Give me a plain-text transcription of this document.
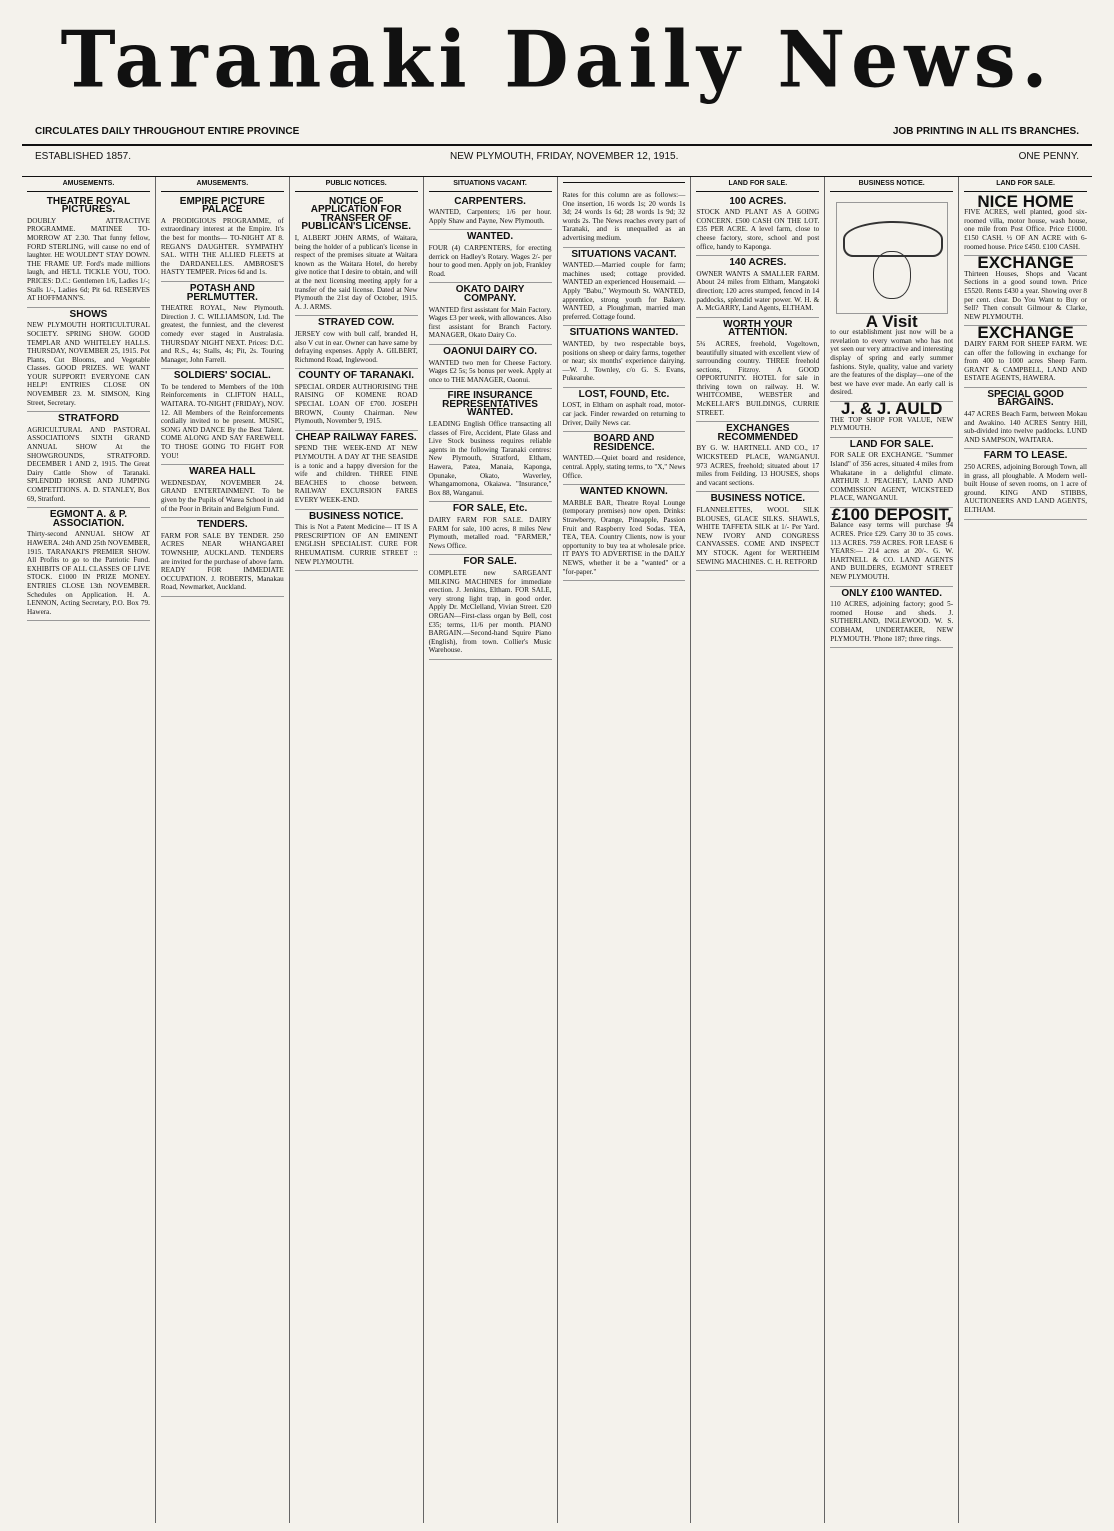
Taranaki Daily News.
CIRCULATES DAILY THROUGHOUT ENTIRE PROVINCE	JOB PRINTING IN ALL ITS BRANCHES.
ESTABLISHED 1857.	NEW PLYMOUTH, FRIDAY, NOVEMBER 12, 1915.	ONE PENNY.
AMUSEMENTS.
THEATRE ROYAL PICTURES.

DOUBLY ATTRACTIVE PROGRAMME. MATINEE TO-MORROW AT 2.30. That funny fellow, FORD STERLING, will cause no end of laughter. HE WOULDN'T STAY DOWN. THE FRAME UP. Ford's made millions laugh, and HE'LL TICKLE YOU, TOO. PRICES: D.C.: Gentlemen 1/6, Ladies 1/-; Stalls 1/-, Ladies 6d; Pit 6d. RESERVES AT HOFFMANN'S.

SHOWS

NEW PLYMOUTH HORTICULTURAL SOCIETY. SPRING SHOW. GOOD TEMPLAR AND WHITELEY HALLS. THURSDAY, NOVEMBER 25, 1915. Pot Plants, Cut Blooms, and Vegetable Classes. GOOD PRIZES. WE WANT YOUR SUPPORT! EVERYONE CAN HELP! ENTRIES CLOSE ON NOVEMBER 23. M. SIMSON, King Street, Secretary.

STRATFORD

AGRICULTURAL AND PASTORAL ASSOCIATION'S SIXTH GRAND ANNUAL SHOW At the SHOWGROUNDS, STRATFORD. DECEMBER 1 AND 2, 1915. The Great Dairy Cattle Show of Taranaki. SPLENDID HORSE AND JUMPING COMPETITIONS. A. D. STANLEY, Box 69, Stratford.

EGMONT A. & P. ASSOCIATION.

Thirty-second ANNUAL SHOW AT HAWERA. 24th AND 25th NOVEMBER, 1915. TARANAKI'S PREMIER SHOW. All Profits to go to the Patriotic Fund. EXHIBITS OF ALL CLASSES OF LIVE STOCK. £1000 IN PRIZE MONEY. ENTRIES CLOSE 13th NOVEMBER. Schedules on Application. H. A. LENNON, Acting Secretary, P.O. Box 79. Hawera.

AMUSEMENTS.
EMPIRE PICTURE PALACE

A PRODIGIOUS PROGRAMME, of extraordinary interest at the Empire. It's the best for months— TO-NIGHT AT 8. REGAN'S DAUGHTER. SYMPATHY SAL. WITH THE ALLIED FLEETS at the DARDANELLES. AMBROSE'S HASTY TEMPER. Prices 6d and 1s.

POTASH AND PERLMUTTER.

THEATRE ROYAL, New Plymouth. Direction J. C. WILLIAMSON, Ltd. The greatest, the funniest, and the cleverest comedy ever staged in Australasia. THURSDAY NIGHT NEXT. Prices: D.C. and R.S., 4s; Stalls, 4s; Pit, 2s. Touring Manager, John Farrell.

SOLDIERS' SOCIAL.

To be tendered to Members of the 10th Reinforcements in CLIFTON HALL, WAITARA. TO-NIGHT (FRIDAY), NOV. 12. All Members of the Reinforcements cordially invited to be present. MUSIC, SONG AND DANCE By the Best Talent. COME ALONG AND SAY FAREWELL TO THOSE GOING TO FIGHT FOR YOU!

WAREA HALL

WEDNESDAY, NOVEMBER 24. GRAND ENTERTAINMENT. To be given by the Pupils of Warea School in aid of the Poor in Britain and Belgium Fund.

TENDERS.

FARM FOR SALE BY TENDER. 250 ACRES NEAR WHANGAREI TOWNSHIP, AUCKLAND. TENDERS are invited for the purchase of above farm. READY FOR IMMEDIATE OCCUPATION. J. ROBERTS, Manakau Road, Newmarket, Auckland.

PUBLIC NOTICES.
NOTICE OF APPLICATION FOR TRANSFER OF PUBLICAN'S LICENSE.

I, ALBERT JOHN ARMS, of Waitara, being the holder of a publican's license in respect of the premises situate at Waitara known as the Waitara Hotel, do hereby give notice that I desire to obtain, and will at the next licensing meeting apply for a transfer of the said license. Dated at New Plymouth the 21st day of October, 1915. A. J. ARMS.

STRAYED COW.

JERSEY cow with bull calf, branded H, also V cut in ear. Owner can have same by defraying expenses. Apply A. GILBERT, Richmond Road, Inglewood.

COUNTY OF TARANAKI.

SPECIAL ORDER AUTHORISING THE RAISING OF KOMENE ROAD SPECIAL LOAN OF £700. JOSEPH BROWN, County Chairman. New Plymouth, November 9, 1915.

CHEAP RAILWAY FARES.

SPEND THE WEEK-END AT NEW PLYMOUTH. A DAY AT THE SEASIDE is a tonic and a happy diversion for the wife and children. THREE FINE BEACHES to choose between. RAILWAY EXCURSION FARES EVERY WEEK-END.

BUSINESS NOTICE.

This is Not a Patent Medicine— IT IS A PRESCRIPTION OF AN EMINENT ENGLISH SPECIALIST. CURE FOR RHEUMATISM. CURRIE STREET :: NEW PLYMOUTH.

SITUATIONS VACANT.
CARPENTERS.

WANTED, Carpenters; 1/6 per hour. Apply Shaw and Payne, New Plymouth.

WANTED.

FOUR (4) CARPENTERS, for erecting derrick on Hadley's Rotary. Wages 2/- per hour to good men. Apply on job, Frankley Road.

OKATO DAIRY COMPANY.

WANTED first assistant for Main Factory. Wages £3 per week, with allowances. Also first assistant for Branch Factory. MANAGER, Okato Dairy Co.

OAONUI DAIRY CO.

WANTED two men for Cheese Factory. Wages £2 5s; 5s bonus per week. Apply at once to THE MANAGER, Oaonui.

FIRE INSURANCE REPRESENTATIVES WANTED.

LEADING English Office transacting all classes of Fire, Accident, Plate Glass and Live Stock business requires reliable agents in the following Taranaki centres: New Plymouth, Stratford, Eltham, Hawera, Patea, Manaia, Kaponga, Opunake, Okato, Waverley, Whangamomona, Okaiawa. "Insurance," Box 88, Wanganui.

FOR SALE, Etc.

DAIRY FARM FOR SALE. DAIRY FARM for sale, 100 acres, 8 miles New Plymouth, metalled road. "FARMER," News Office.

FOR SALE.

COMPLETE new SARGEANT MILKING MACHINES for immediate erection. J. Jenkins, Eltham. FOR SALE, very strong light trap, in good order. Apply Dr. McClelland, Vivian Street. £20 ORGAN—First-class organ by Bell, cost £35; terms, 11/6 per month. PIANO BARGAIN.—Second-hand Squire Piano (English), from town. Collier's Music Warehouse.

Rates for this column are as follows:—One insertion, 16 words 1s; 20 words 1s 3d; 24 words 1s 6d; 28 words 1s 9d; 32 words 2s. The News reaches every part of Taranaki, and is unequalled as an advertising medium.

SITUATIONS VACANT.

WANTED.—Married couple for farm; machines used; cottage provided. WANTED an experienced Housemaid. —Apply "Babu," Weymouth St. WANTED, apprentice, strong youth for Bakery. WANTED, a Ploughman, married man preferred. Cottage found.

SITUATIONS WANTED.

WANTED, by two respectable boys, positions on sheep or dairy farms, together or near; six months' experience dairying.—W. J. Townley, c/o G. S. Evans, Pukearuhe.

LOST, FOUND, Etc.

LOST, in Eltham on asphalt road, motor-car jack. Finder rewarded on returning to Driver, Daily News car.

BOARD AND RESIDENCE.

WANTED.—Quiet board and residence, central. Apply, stating terms, to "X," News Office.

WANTED KNOWN.

MARBLE BAR, Theatre Royal Lounge (temporary premises) now open. Drinks: Strawberry, Orange, Pineapple, Passion Fruit and Raspberry Iced Sodas. TEA, TEA, TEA. Country Clients, now is your opportunity to buy tea at wholesale price. IT PAYS TO ADVERTISE in the DAILY NEWS, whether it be a "wanted" or a "for-paper."

LAND FOR SALE.
100 ACRES.

STOCK AND PLANT AS A GOING CONCERN. £500 CASH ON THE LOT. £35 PER ACRE. A level farm, close to cheese factory, store, school and post office, handy to Kaponga.

140 ACRES.

OWNER WANTS A SMALLER FARM. About 24 miles from Eltham, Mangatoki direction; 120 acres stumped, fenced in 14 paddocks, splendid water power. W. H. & A. McGARRY, Land Agents, ELTHAM.

WORTH YOUR ATTENTION.

5¾ ACRES, freehold, Vogeltown, beautifully situated with excellent view of surrounding country. THREE freehold sections, Fitzroy. A GOOD OPPORTUNITY. HOTEL for sale in thriving town on railway. H. W. WHITCOMBE, WEBSTER and McKELLAR'S BUILDINGS, CURRIE STREET.

EXCHANGES RECOMMENDED

BY G. W. HARTNELL AND CO., 17 WICKSTEED PLACE, WANGANUI. 973 ACRES, freehold; situated about 17 miles from Feilding. 13 HOUSES, shops and vacant sections.

BUSINESS NOTICE.

FLANNELETTES, WOOL SILK BLOUSES, GLACE SILKS. SHAWLS, WHITE TAFFETA SILK at 1/- Per Yard. NEW IVORY AND CONGRESS CANVASSES. COME AND INSPECT MY STOCK. Agent for WERTHEIM SEWING MACHINES. C. H. RETFORD

BUSINESS NOTICE.
A Visit

to our establishment just now will be a revelation to every woman who has not yet seen our very attractive and interesting display of spring and early summer fashions. Style, quality, value and variety are the features of the display—one of the best we have ever made. An early call is desired.

J. & J. AULD

THE TOP SHOP FOR VALUE, NEW PLYMOUTH.

LAND FOR SALE.

FOR SALE OR EXCHANGE. "Summer Island" of 356 acres, situated 4 miles from Whakatane in a delightful climate. ARTHUR J. PEACHEY, LAND AND COMMISSION AGENT, WICKSTEED PLACE, WANGANUI.

£100 DEPOSIT,

Balance easy terms will purchase 94 ACRES. Price £29. Carry 30 to 35 cows. 113 ACRES. 759 ACRES. FOR LEASE 6 YEARS:— 214 acres at 20/-. G. W. HARTNELL & CO. LAND AGENTS AND BUILDERS, EGMONT STREET NEW PLYMOUTH.

ONLY £100 WANTED.

110 ACRES, adjoining factory; good 5-roomed House and sheds. J. SUTHERLAND, INGLEWOOD. W. S. COBHAM, UNDERTAKER, NEW PLYMOUTH. 'Phone 187; three rings.

LAND FOR SALE.
NICE HOME

FIVE ACRES, well planted, good six-roomed villa, motor house, wash house, one mile from Post Office. Price £1000. £150 CASH. ½ OF AN ACRE with 6-roomed house. Price £450. £100 CASH.

EXCHANGE

Thirteen Houses, Shops and Vacant Sections in a good sound town. Price £5520. Rents £430 a year. Showing over 8 per cent. clear. Do You Want to Buy or Sell? Then consult Gilmour & Clarke, NEW PLYMOUTH.

EXCHANGE

DAIRY FARM FOR SHEEP FARM. WE can offer the following in exchange for from 400 to 1000 acres Sheep Farm. GRANT & CAMPBELL, LAND AND ESTATE AGENTS, HAWERA.

SPECIAL GOOD BARGAINS.

447 ACRES Beach Farm, between Mokau and Awakino. 140 ACRES Sentry Hill, sub-divided into twelve paddocks. LUND AND SAMPSON, WAITARA.

FARM TO LEASE.

250 ACRES, adjoining Borough Town, all in grass, all ploughable. A Modern well-built House of seven rooms, on 1 acre of ground. KING AND STIBBS, AUCTIONEERS AND LAND AGENTS, ELTHAM.
